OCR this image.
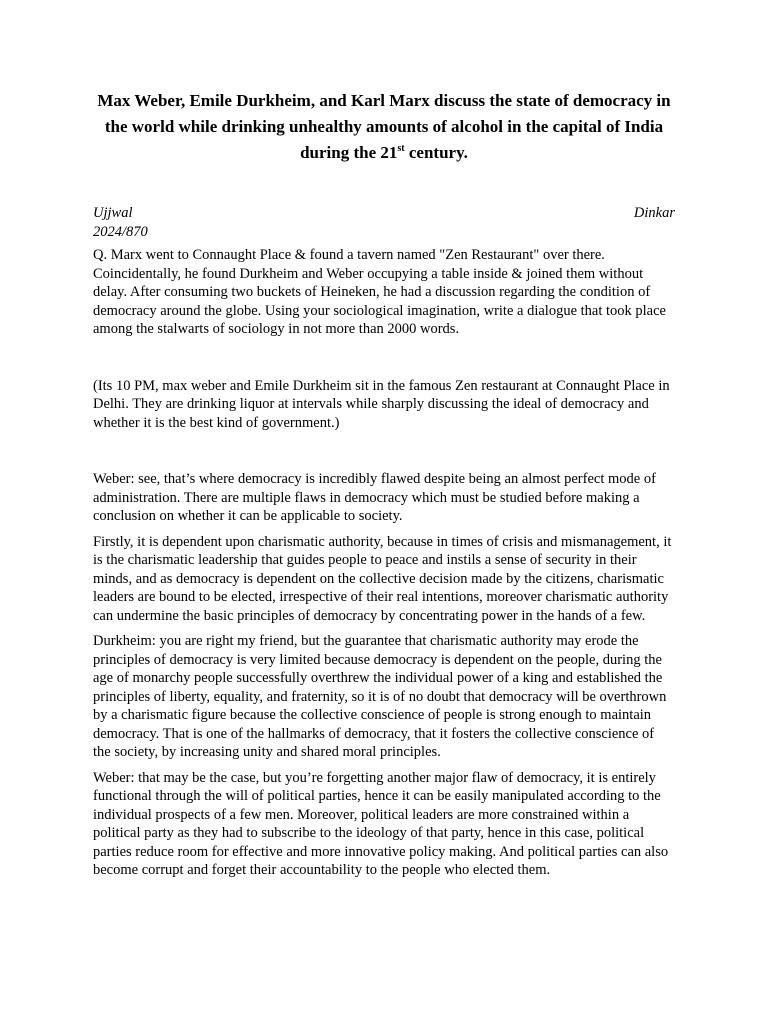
Max Weber, Emile Durkheim, and Karl Marx discuss the state of democracy in the world while drinking unhealthy amounts of alcohol in the capital of India during the 21st century.
Ujjwal
2024/870
Dinkar

Q. Marx went to Connaught Place & found a tavern named "Zen Restaurant" over there. Coincidentally, he found Durkheim and Weber occupying a table inside & joined them without delay. After consuming two buckets of Heineken, he had a discussion regarding the condition of democracy around the globe. Using your sociological imagination, write a dialogue that took place among the stalwarts of sociology in not more than 2000 words.

(Its 10 PM, max weber and Emile Durkheim sit in the famous Zen restaurant at Connaught Place in Delhi. They are drinking liquor at intervals while sharply discussing the ideal of democracy and whether it is the best kind of government.)

Weber: see, that’s where democracy is incredibly flawed despite being an almost perfect mode of administration. There are multiple flaws in democracy which must be studied before making a conclusion on whether it can be applicable to society.

Firstly, it is dependent upon charismatic authority, because in times of crisis and mismanagement, it is the charismatic leadership that guides people to peace and instils a sense of security in their minds, and as democracy is dependent on the collective decision made by the citizens, charismatic leaders are bound to be elected, irrespective of their real intentions, moreover charismatic authority can undermine the basic principles of democracy by concentrating power in the hands of a few.

Durkheim: you are right my friend, but the guarantee that charismatic authority may erode the principles of democracy is very limited because democracy is dependent on the people, during the age of monarchy people successfully overthrew the individual power of a king and established the principles of liberty, equality, and fraternity, so it is of no doubt that democracy will be overthrown by a charismatic figure because the collective conscience of people is strong enough to maintain democracy. That is one of the hallmarks of democracy, that it fosters the collective conscience of the society, by increasing unity and shared moral principles.

Weber: that may be the case, but you’re forgetting another major flaw of democracy, it is entirely functional through the will of political parties, hence it can be easily manipulated according to the individual prospects of a few men. Moreover, political leaders are more constrained within a political party as they had to subscribe to the ideology of that party, hence in this case, political parties reduce room for effective and more innovative policy making. And political parties can also become corrupt and forget their accountability to the people who elected them.
